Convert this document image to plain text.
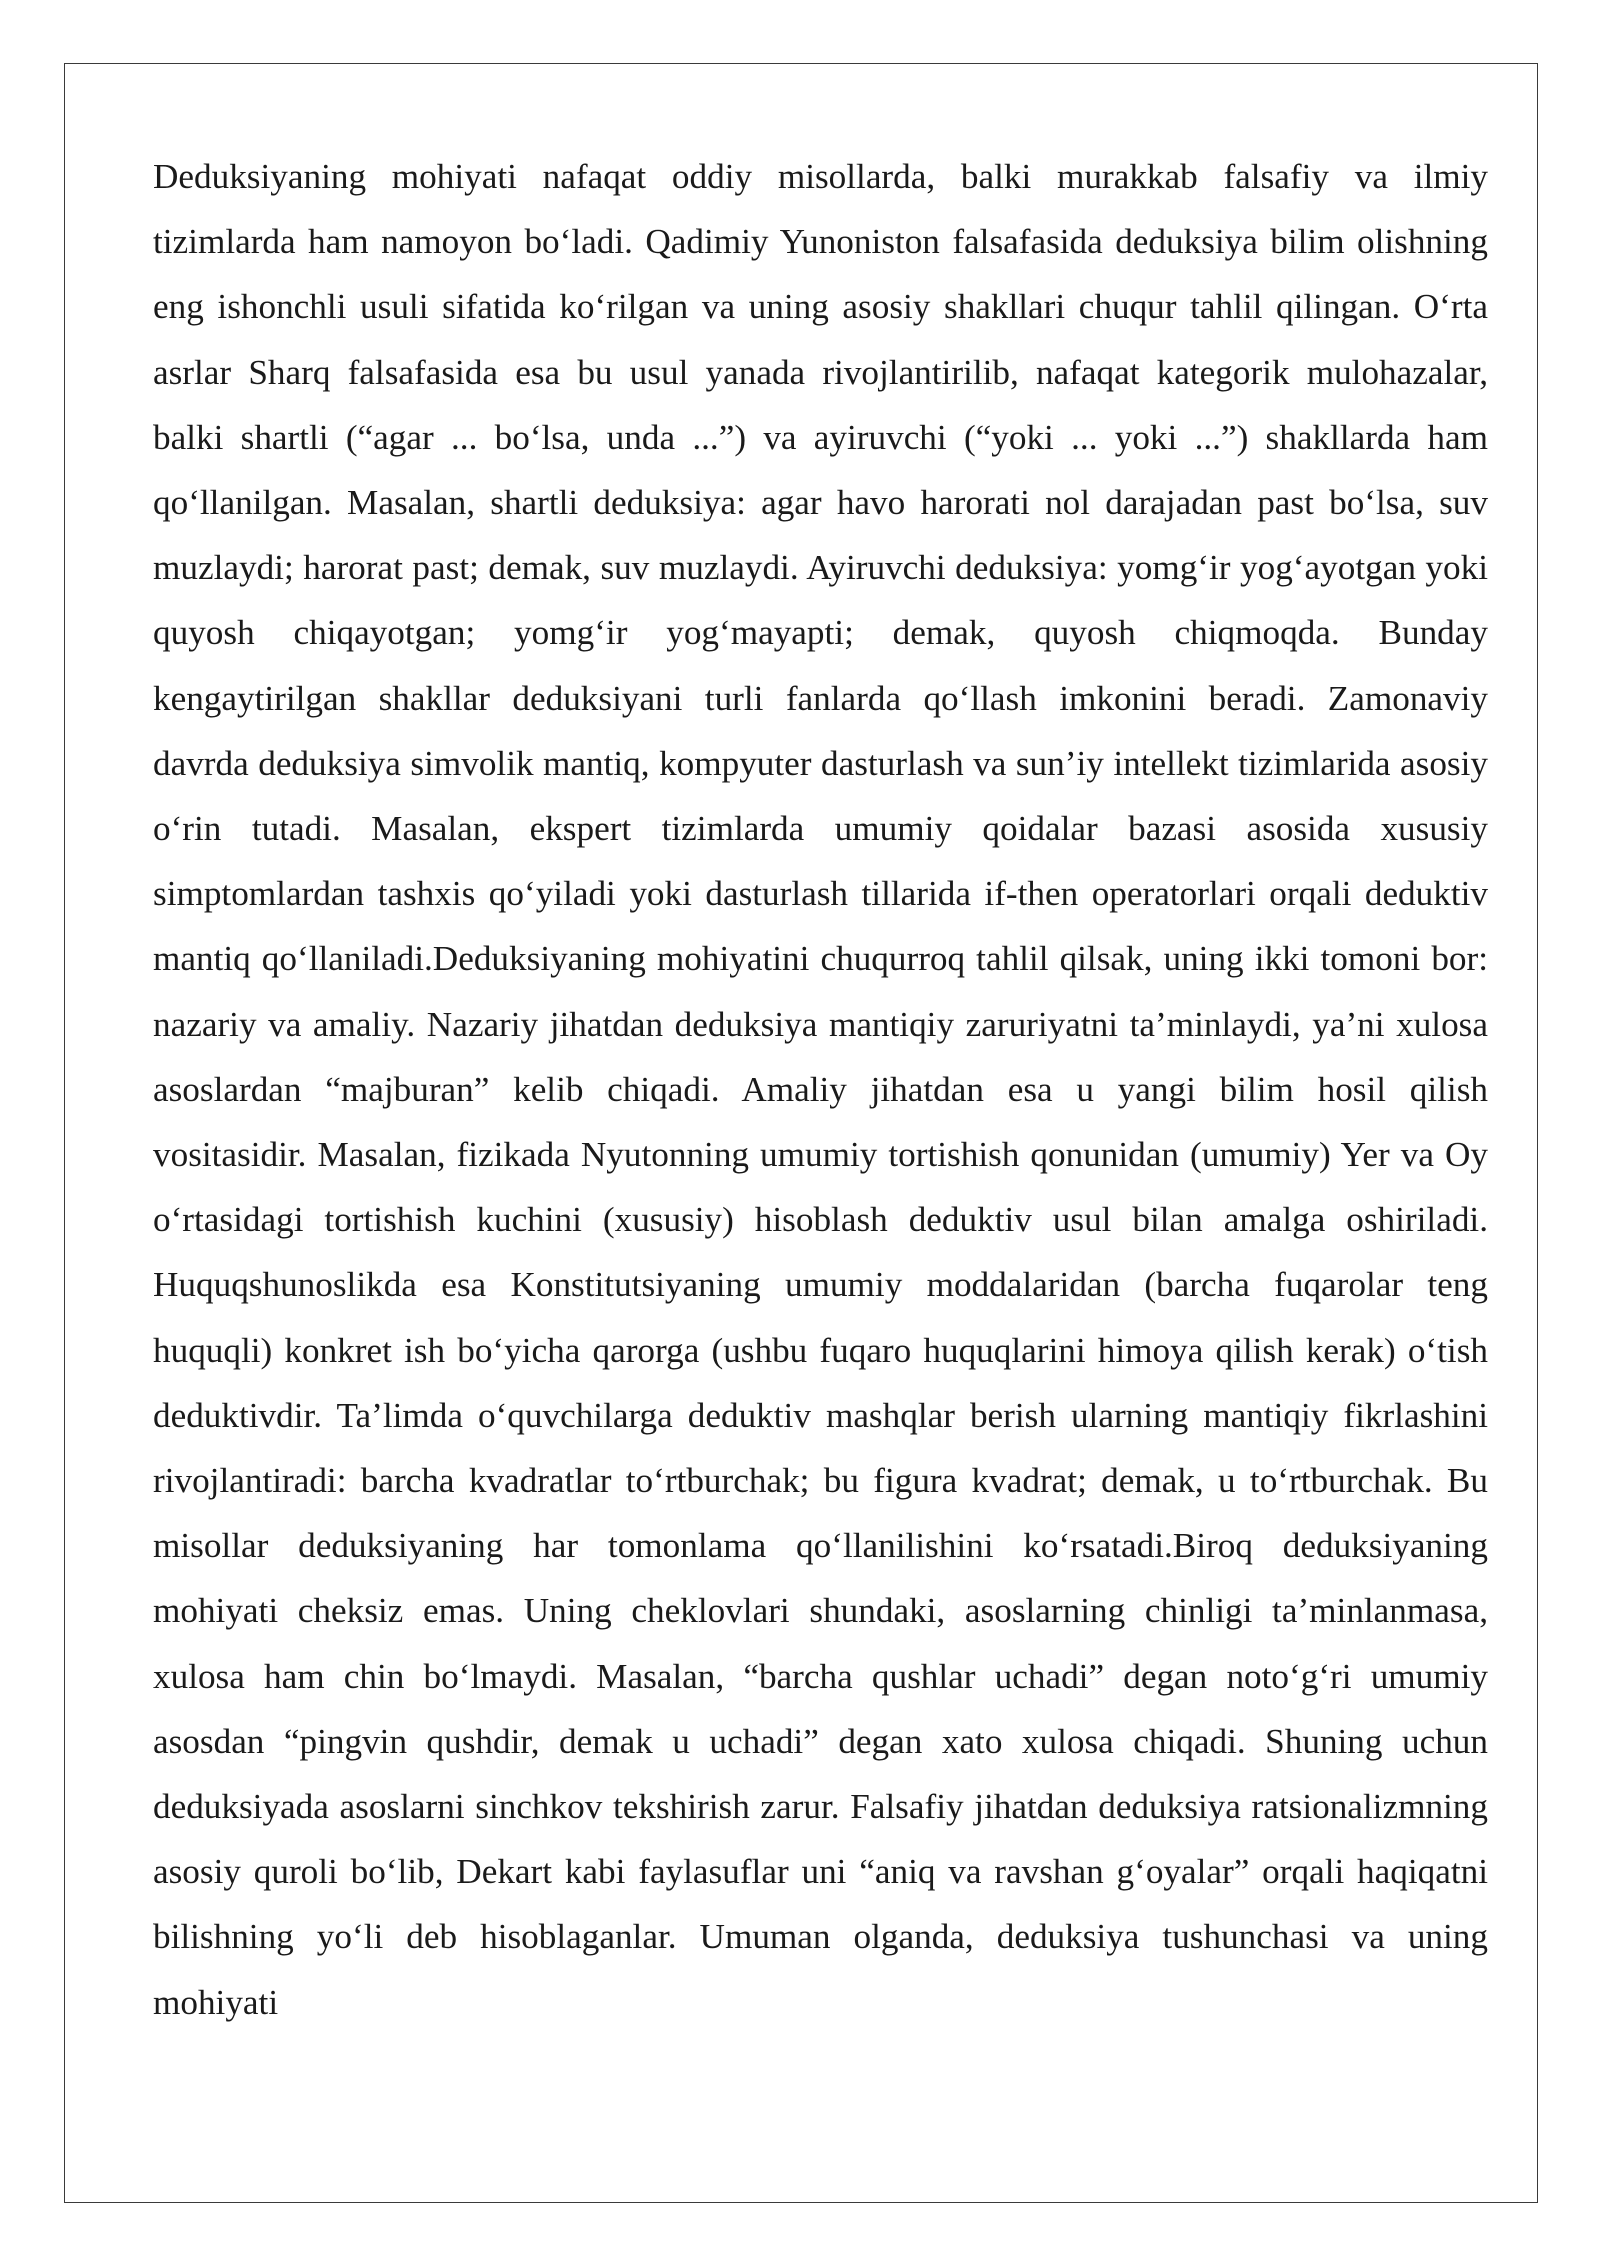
Deduksiyaning mohiyati nafaqat oddiy misollarda, balki murakkab falsafiy va ilmiy tizimlarda ham namoyon bo‘ladi. Qadimiy Yunoniston falsafasida deduksiya bilim olishning eng ishonchli usuli sifatida ko‘rilgan va uning asosiy shakllari chuqur tahlil qilingan. O‘rta asrlar Sharq falsafasida esa bu usul yanada rivojlantirilib, nafaqat kategorik mulohazalar, balki shartli (“agar ... bo‘lsa, unda ...”) va ayiruvchi (“yoki ... yoki ...”) shakllarda ham qo‘llanilgan. Masalan, shartli deduksiya: agar havo harorati nol darajadan past bo‘lsa, suv muzlaydi; harorat past; demak, suv muzlaydi. Ayiruvchi deduksiya: yomg‘ir yog‘ayotgan yoki quyosh chiqayotgan; yomg‘ir yog‘mayapti; demak, quyosh chiqmoqda. Bunday kengaytirilgan shakllar deduksiyani turli fanlarda qo‘llash imkonini beradi. Zamonaviy davrda deduksiya simvolik mantiq, kompyuter dasturlash va sun’iy intellekt tizimlarida asosiy o‘rin tutadi. Masalan, ekspert tizimlarda umumiy qoidalar bazasi asosida xususiy simptomlardan tashxis qo‘yiladi yoki dasturlash tillarida if-then operatorlari orqali deduktiv mantiq qo‘llaniladi.Deduksiyaning mohiyatini chuqurroq tahlil qilsak, uning ikki tomoni bor: nazariy va amaliy. Nazariy jihatdan deduksiya mantiqiy zaruriyatni ta’minlaydi, ya’ni xulosa asoslardan “majburan” kelib chiqadi. Amaliy jihatdan esa u yangi bilim hosil qilish vositasidir. Masalan, fizikada Nyutonning umumiy tortishish qonunidan (umumiy) Yer va Oy o‘rtasidagi tortishish kuchini (xususiy) hisoblash deduktiv usul bilan amalga oshiriladi. Huquqshunoslikda esa Konstitutsiyaning umumiy moddalaridan (barcha fuqarolar teng huquqli) konkret ish bo‘yicha qarorga (ushbu fuqaro huquqlarini himoya qilish kerak) o‘tish deduktivdir. Ta’limda o‘quvchilarga deduktiv mashqlar berish ularning mantiqiy fikrlashini rivojlantiradi: barcha kvadratlar to‘rtburchak; bu figura kvadrat; demak, u to‘rtburchak. Bu misollar deduksiyaning har tomonlama qo‘llanilishini ko‘rsatadi.Biroq deduksiyaning mohiyati cheksiz emas. Uning cheklovlari shundaki, asoslarning chinligi ta’minlanmasa, xulosa ham chin bo‘lmaydi. Masalan, “barcha qushlar uchadi” degan noto‘g‘ri umumiy asosdan “pingvin qushdir, demak u uchadi” degan xato xulosa chiqadi. Shuning uchun deduksiyada asoslarni sinchkov tekshirish zarur. Falsafiy jihatdan deduksiya ratsionalizmning asosiy quroli bo‘lib, Dekart kabi faylasuflar uni “aniq va ravshan g‘oyalar” orqali haqiqatni bilishning yo‘li deb hisoblaganlar. Umuman olganda, deduksiya tushunchasi va uning mohiyati
